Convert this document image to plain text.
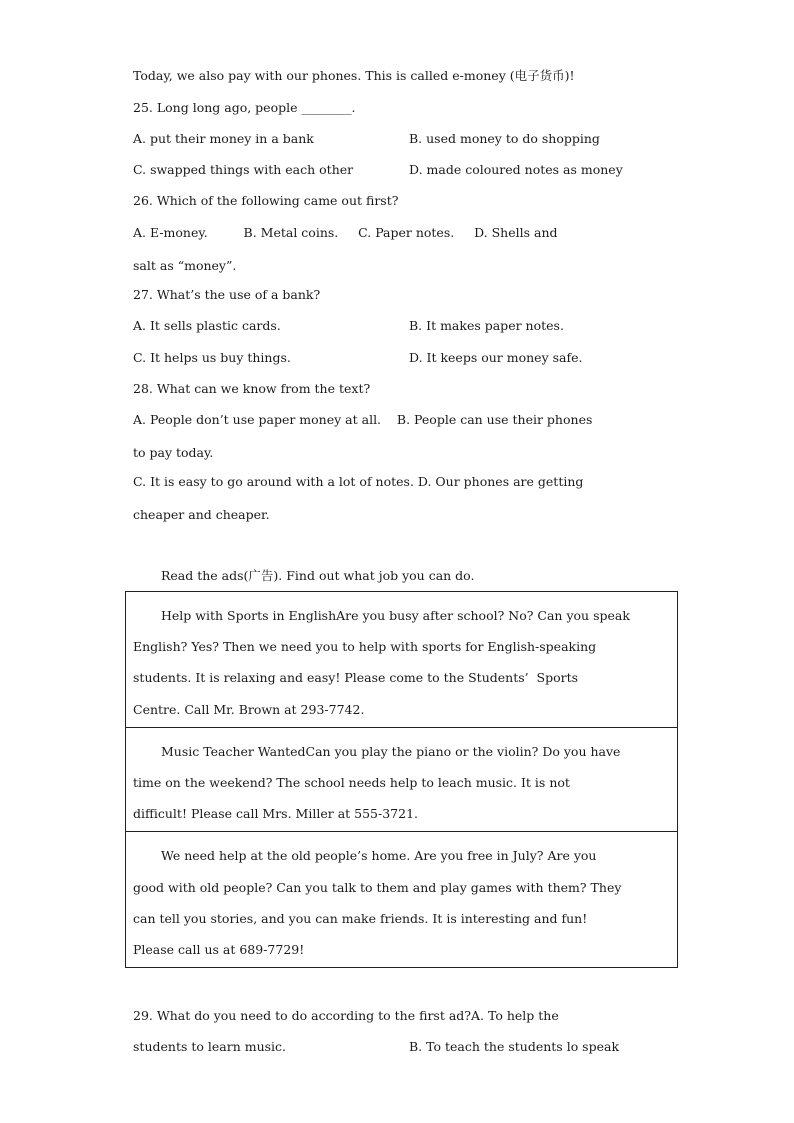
Today, we also pay with our phones. This is called e-money (电子货币)!
25. Long long ago, people ________.
A. put their money in a bank	B. used money to do shopping
C. swapped things with each other	D. made coloured notes as money
26. Which of the following came out first?
A. E-money.         B. Metal coins.     C. Paper notes.     D. Shells and
salt as “money”.
27. What’s the use of a bank?
A. It sells plastic cards.	B. It makes paper notes.
C. It helps us buy things.	D. It keeps our money safe.
28. What can we know from the text?
A. People don’t use paper money at all.    B. People can use their phones
to pay today.
C. It is easy to go around with a lot of notes. D. Our phones are getting
cheaper and cheaper.
Read the ads(广告). Find out what job you can do.
Help with Sports in EnglishAre you busy after school? No? Can you speak
English? Yes? Then we need you to help with sports for English-speaking
students. It is relaxing and easy! Please come to the Students’  Sports
Centre. Call Mr. Brown at 293-7742.
Music Teacher WantedCan you play the piano or the violin? Do you have
time on the weekend? The school needs help to leach music. It is not
difficult! Please call Mrs. Miller at 555-3721.
We need help at the old people’s home. Are you free in July? Are you
good with old people? Can you talk to them and play games with them? They
can tell you stories, and you can make friends. It is interesting and fun!
Please call us at 689-7729!
29. What do you need to do according to the first ad?A. To help the
students to learn music.	B. To teach the students lo speak
